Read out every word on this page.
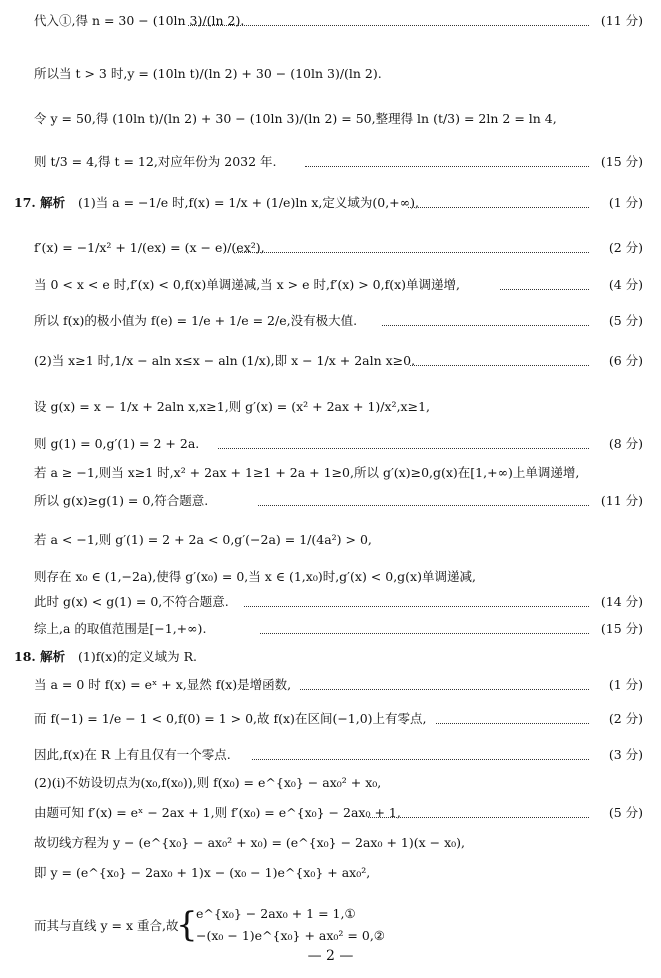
代入①,得 n = 30 − (10ln 3)/(ln 2).	(11 分)
所以当 t > 3 时,y = (10ln t)/(ln 2) + 30 − (10ln 3)/(ln 2).
令 y = 50,得 (10ln t)/(ln 2) + 30 − (10ln 3)/(ln 2) = 50,整理得 ln (t/3) = 2ln 2 = ln 4,
则 t/3 = 4,得 t = 12,对应年份为 2032 年.	(15 分)
17. 解析 (1)当 a = −1/e 时,f(x) = 1/x + (1/e)ln x,定义域为(0,+∞),	(1 分)
f′(x) = −1/x² + 1/(ex) = (x − e)/(ex²),	(2 分)
当 0 < x < e 时,f′(x) < 0,f(x)单调递减,当 x > e 时,f′(x) > 0,f(x)单调递增,	(4 分)
所以 f(x)的极小值为 f(e) = 1/e + 1/e = 2/e,没有极大值.	(5 分)
(2)当 x≥1 时,1/x − aln x≤x − aln (1/x),即 x − 1/x + 2aln x≥0.	(6 分)
设 g(x) = x − 1/x + 2aln x,x≥1,则 g′(x) = (x² + 2ax + 1)/x²,x≥1,
则 g(1) = 0,g′(1) = 2 + 2a.	(8 分)
若 a ≥ −1,则当 x≥1 时,x² + 2ax + 1≥1 + 2a + 1≥0,所以 g′(x)≥0,g(x)在[1,+∞)上单调递增,
所以 g(x)≥g(1) = 0,符合题意.	(11 分)
若 a < −1,则 g′(1) = 2 + 2a < 0,g′(−2a) = 1/(4a²) > 0,
则存在 x₀ ∈ (1,−2a),使得 g′(x₀) = 0,当 x ∈ (1,x₀)时,g′(x) < 0,g(x)单调递减,
此时 g(x) < g(1) = 0,不符合题意.	(14 分)
综上,a 的取值范围是[−1,+∞).	(15 分)
18. 解析 (1)f(x)的定义域为 R.
当 a = 0 时 f(x) = eˣ + x,显然 f(x)是增函数,	(1 分)
而 f(−1) = 1/e − 1 < 0,f(0) = 1 > 0,故 f(x)在区间(−1,0)上有零点,	(2 分)
因此,f(x)在 R 上有且仅有一个零点.	(3 分)
(2)(ⅰ)不妨设切点为(x₀,f(x₀)),则 f(x₀) = e^{x₀} − ax₀² + x₀,
由题可知 f′(x) = eˣ − 2ax + 1,则 f′(x₀) = e^{x₀} − 2ax₀ + 1,	(5 分)
故切线方程为 y − (e^{x₀} − ax₀² + x₀) = (e^{x₀} − 2ax₀ + 1)(x − x₀),
即 y = (e^{x₀} − 2ax₀ + 1)x − (x₀ − 1)e^{x₀} + ax₀²,
而其与直线 y = x 重合,故
{
e^{x₀} − 2ax₀ + 1 = 1,①
−(x₀ − 1)e^{x₀} + ax₀² = 0,②
— 2 —
